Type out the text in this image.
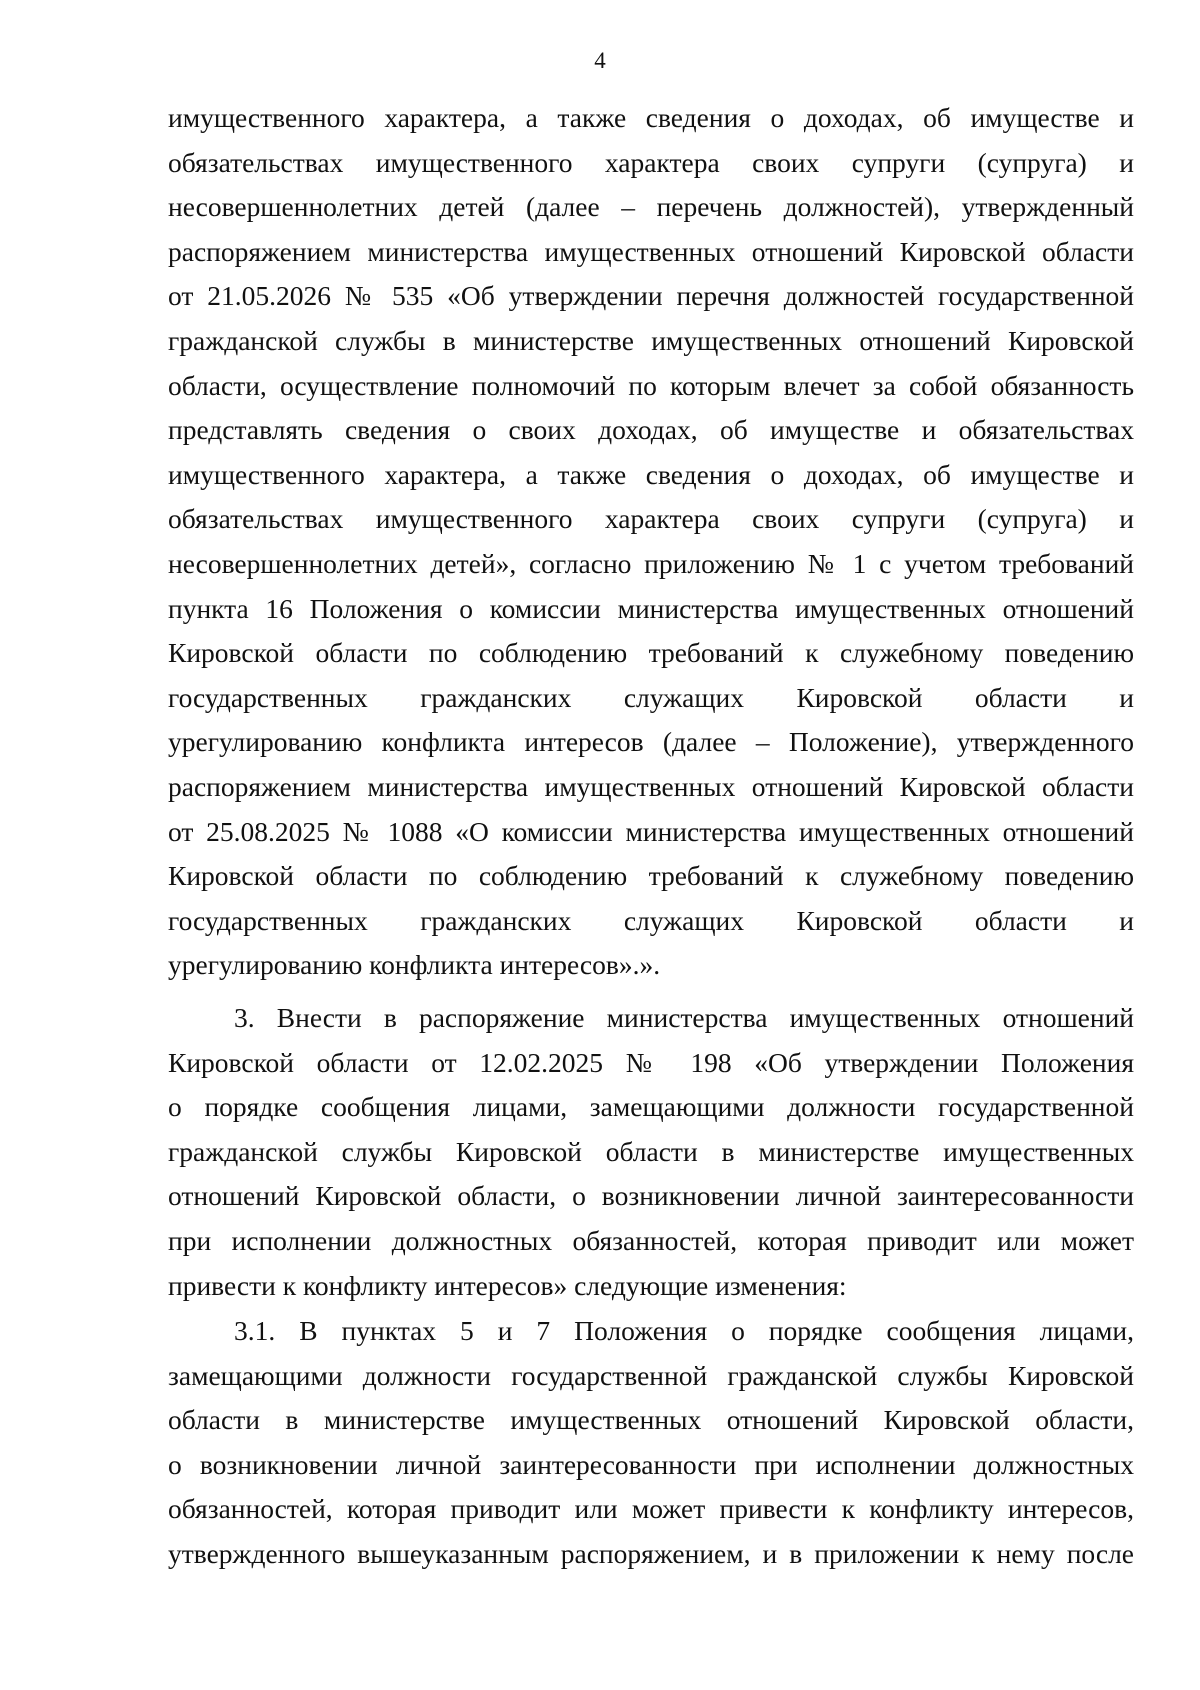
4
имущественного характера, а также сведения о доходах, об имуществе и
обязательствах имущественного характера своих супруги (супруга) и
несовершеннолетних детей (далее – перечень должностей), утвержденный
распоряжением министерства имущественных отношений Кировской области
от 21.05.2026 № 535 «Об утверждении перечня должностей государственной
гражданской службы в министерстве имущественных отношений Кировской
области, осуществление полномочий по которым влечет за собой обязанность
представлять сведения о своих доходах, об имуществе и обязательствах
имущественного характера, а также сведения о доходах, об имуществе и
обязательствах имущественного характера своих супруги (супруга) и
несовершеннолетних детей», согласно приложению № 1 с учетом требований
пункта 16 Положения о комиссии министерства имущественных отношений
Кировской области по соблюдению требований к служебному поведению
государственных гражданских служащих Кировской области и
урегулированию конфликта интересов (далее – Положение), утвержденного
распоряжением министерства имущественных отношений Кировской области
от 25.08.2025 № 1088 «О комиссии министерства имущественных отношений
Кировской области по соблюдению требований к служебному поведению
государственных гражданских служащих Кировской области и
урегулированию конфликта интересов».».
3. Внести в распоряжение министерства имущественных отношений
Кировской области от 12.02.2025 № 198 «Об утверждении Положения
о порядке сообщения лицами, замещающими должности государственной
гражданской службы Кировской области в министерстве имущественных
отношений Кировской области, о возникновении личной заинтересованности
при исполнении должностных обязанностей, которая приводит или может
привести к конфликту интересов» следующие изменения:
3.1. В пунктах 5 и 7 Положения о порядке сообщения лицами,
замещающими должности государственной гражданской службы Кировской
области в министерстве имущественных отношений Кировской области,
о возникновении личной заинтересованности при исполнении должностных
обязанностей, которая приводит или может привести к конфликту интересов,
утвержденного вышеуказанным распоряжением, и в приложении к нему после
